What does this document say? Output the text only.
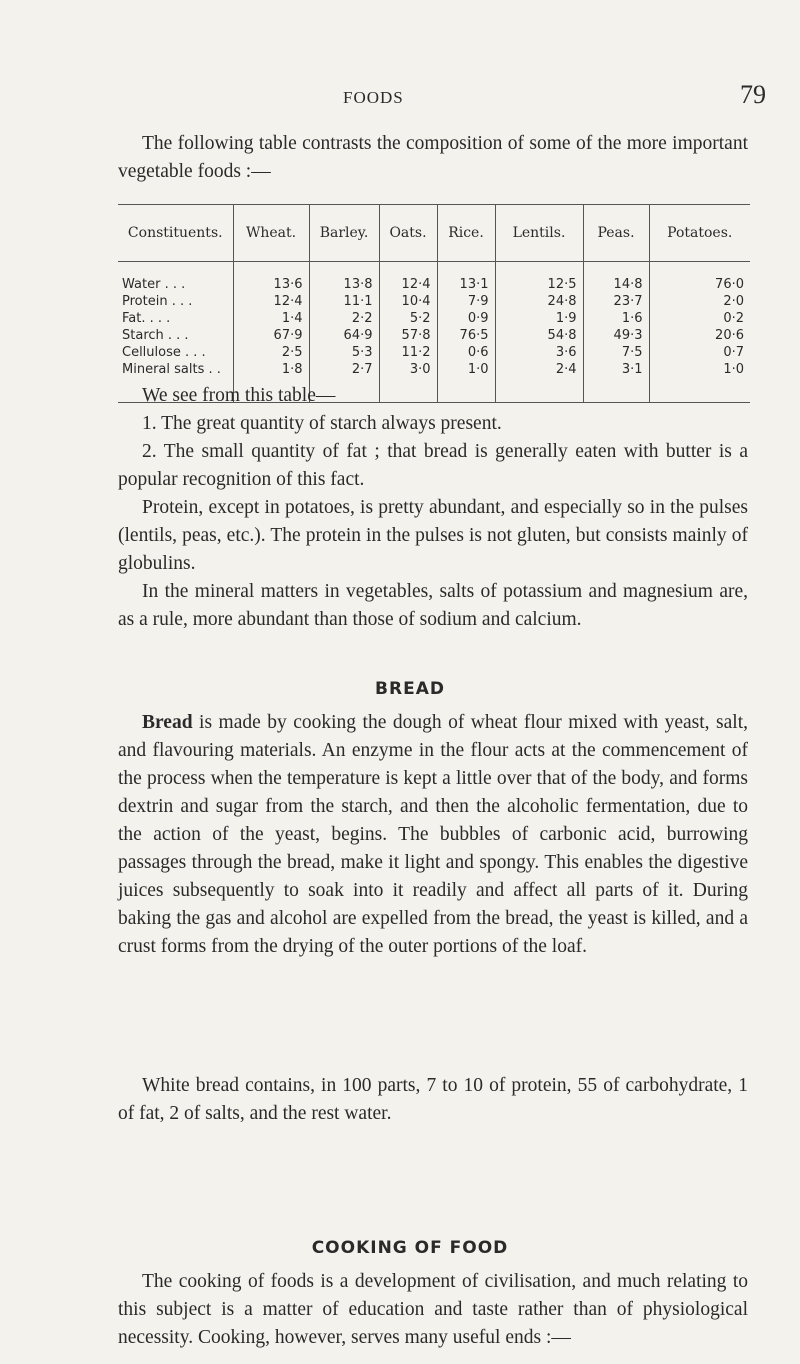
FOODS	79

The following table contrasts the composition of some of the more important vegetable foods :—

Constituents.	Wheat.	Barley.	Oats.	Rice.	Lentils.	Peas.	Potatoes.
Water . . .	13·6	13·8	12·4	13·1	12·5	14·8	76·0
Protein . . .	12·4	11·1	10·4	7·9	24·8	23·7	2·0
Fat. . . .	1·4	2·2	5·2	0·9	1·9	1·6	0·2
Starch . . .	67·9	64·9	57·8	76·5	54·8	49·3	20·6
Cellulose . . .	2·5	5·3	11·2	0·6	3·6	7·5	0·7
Mineral salts . .	1·8	2·7	3·0	1·0	2·4	3·1	1·0

We see from this table—

1. The great quantity of starch always present.

2. The small quantity of fat ; that bread is generally eaten with butter is a popular recognition of this fact.

Protein, except in potatoes, is pretty abundant, and especially so in the pulses (lentils, peas, etc.). The protein in the pulses is not gluten, but consists mainly of globulins.

In the mineral matters in vegetables, salts of potassium and magnesium are, as a rule, more abundant than those of sodium and calcium.

BREAD

Bread is made by cooking the dough of wheat flour mixed with yeast, salt, and flavouring materials. An enzyme in the flour acts at the commencement of the process when the temperature is kept a little over that of the body, and forms dextrin and sugar from the starch, and then the alcoholic fermentation, due to the action of the yeast, begins. The bubbles of carbonic acid, burrowing passages through the bread, make it light and spongy. This enables the digestive juices subsequently to soak into it readily and affect all parts of it. During baking the gas and alcohol are expelled from the bread, the yeast is killed, and a crust forms from the drying of the outer portions of the loaf.

White bread contains, in 100 parts, 7 to 10 of protein, 55 of carbohydrate, 1 of fat, 2 of salts, and the rest water.

COOKING OF FOOD

The cooking of foods is a development of civilisation, and much relating to this subject is a matter of education and taste rather than of physiological necessity. Cooking, however, serves many useful ends :—
